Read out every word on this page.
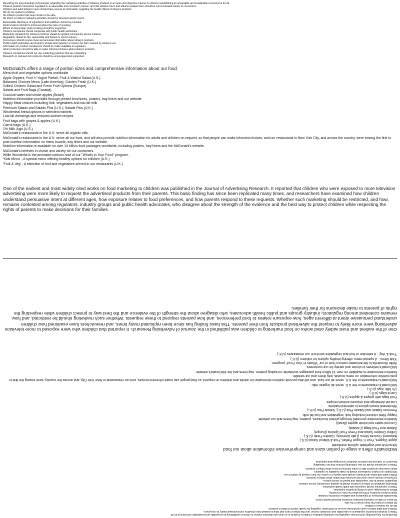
Resolving the long-standing controversies regarding the marketing activities of tobacco products in an open and objective manner is critical to establishing an acceptable and sustainable environment for all

Tobacco products should be regulated in a reasonable and consistent manner, and that tobacco harm and tobacco-related risks should be communicated clearly to consumers.

Children and adult tobacco users should have access to information regarding the health effects of tobacco products.

We do not market to children.

No tobacco product has been shown to be safe.

No direct or indirect marketing activities should be directed toward minors.

Reasonable disclosure of ingredients and additives should be provided.

Adult smokers should be informed about the risks of smoking.

Efforts to discourage youth smoking should be supported.

Tobacco companies should cooperate with public health authorities.

Marketing standards for tobacco products should be applied consistently across markets.

Regulation should be fair, reasonable and based on sound science.

Consumers should receive clear and accurate information about tobacco products.

Public health authorities and industry should work together to reduce the harm caused by tobacco use.

Information on product constituents should be made available to regulators.

Adult consumers should be able to make informed choices about tobacco products.

Tobacco companies should not use marketing practices that are misleading.

Research on reduced-risk products should be encouraged and supported.

McDonald's offers a range of portion sizes and comprehensive information about our food

Menu fruit and vegetable options worldwide

Apple Dippers, Fruit 'n Yogurt Parfait, Fruit & Walnut Salad (U.S.)

Balanced Choices Menu (Latin America), Garden Fresh (U.K.)

Grilled Chicken Salad and Fresh Fruit Options (Europe)

Salads and Fruit Bags (Canada)

Coconut water and whole apples (Brazil)

Nutrition information provided through printed brochures, posters, tray liners and our website

Happy Meal choices including fruit, vegetables and low-fat milk

Premium Salads and Salads Plus (U.S.); Salads Plus (U.K.)

Wholemeal bread options in selected markets

Low-fat dressings and reduced-sodium recipes

Fruit bags with grapes & apples (U.K.)

Carrot bags (U.K.)

1% Milk Jugs (U.S.)

McDonald's restaurants in the U.K. serve all organic milk.

McDonald's restaurants in the U.K. serve all our food, and will also provide nutrition information for adults and children on request, so that people can make informed choices, and our restaurants in New York City, and across the country, were among the first to post nutrition information on menu boards, tray liners and our website.

Nutrition information is available on over 14 billion food packages worldwide, including posters, tray liners and the McDonald's website.

McDonald's believes in choice and variety for our customers.

Willie Wonderful is the animated cartoon host of our "What's in Your Food" program.

'Kids Menu' - A special menu offering healthy options for children (U.K.)

'Fruit & Veg' - A selection of fruit and vegetables served in our restaurants (U.K.)

One of the earliest and most widely cited works on food marketing to children was published in the Journal of Advertising Research. It reported that children who were exposed to more television advertising were more likely to request the advertised products from their parents. This basic finding has since been replicated many times, and researchers have examined how children understand persuasive intent at different ages, how exposure relates to food preferences, and how parents respond to these requests. Whether such marketing should be restricted, and how, remains contested among regulators, industry groups and public health advocates, who disagree about the strength of the evidence and the best way to protect children while respecting the rights of parents to make decisions for their families.

One of the earliest and most widely cited works on food marketing to children was published in the Journal of Advertising Research. It reported that children who were exposed to more television advertising were more likely to request the advertised products from their parents. This basic finding has since been replicated many times, and researchers have examined how children understand persuasive intent at different ages, how exposure relates to food preferences, and how parents respond to these requests. Whether such marketing should be restricted, and how, remains contested among regulators, industry groups and public health advocates, who disagree about the strength of the evidence and the best way to protect children while respecting the rights of parents to make decisions for their families.

McDonald's offers a range of portion sizes and comprehensive information about our food

Menu fruit and vegetable options worldwide

Apple Dippers, Fruit 'n Yogurt Parfait, Fruit & Walnut Salad (U.S.)

Balanced Choices Menu (Latin America), Garden Fresh (U.K.)

Grilled Chicken Salad and Fresh Fruit Options (Europe)

Salads and Fruit Bags (Canada)

Coconut water and whole apples (Brazil)

Nutrition information provided through printed brochures, posters, tray liners and our website

Happy Meal choices including fruit, vegetables and low-fat milk

Premium Salads and Salads Plus (U.S.); Salads Plus (U.K.)

Wholemeal bread options in selected markets

Low-fat dressings and reduced-sodium recipes

Fruit bags with grapes & apples (U.K.)

Carrot bags (U.K.)

1% Milk Jugs (U.S.)

McDonald's restaurants in the U.K. serve all organic milk.

McDonald's restaurants in the U.K. serve all our food, and will also provide nutrition information for adults and children on request, so that people can make informed choices, and our restaurants in New York City, and across the country, were among the first to post nutrition information on menu boards, tray liners and our website.

Nutrition information is available on over 14 billion food packages worldwide, including posters, tray liners and the McDonald's website.

McDonald's believes in choice and variety for our customers.

Willie Wonderful is the animated cartoon host of our "What's in Your Food" program.

'Kids Menu' - A special menu offering healthy options for children (U.K.)

'Fruit & Veg' - A selection of fruit and vegetables served in our restaurants (U.K.)

Resolving the long-standing controversies regarding the marketing activities of tobacco products in an open and objective manner is critical to establishing an acceptable and sustainable environment for all

Tobacco products should be regulated in a reasonable and consistent manner, and that tobacco harm and tobacco-related risks should be communicated clearly to consumers.

Children and adult tobacco users should have access to information regarding the health effects of tobacco products.

We do not market to children.

No tobacco product has been shown to be safe.

No direct or indirect marketing activities should be directed toward minors.

Reasonable disclosure of ingredients and additives should be provided.

Adult smokers should be informed about the risks of smoking.

Efforts to discourage youth smoking should be supported.

Tobacco companies should cooperate with public health authorities.

Marketing standards for tobacco products should be applied consistently across markets.

Regulation should be fair, reasonable and based on sound science.

Consumers should receive clear and accurate information about tobacco products.

Public health authorities and industry should work together to reduce the harm caused by tobacco use.

Information on product constituents should be made available to regulators.

Adult consumers should be able to make informed choices about tobacco products.

Tobacco companies should not use marketing practices that are misleading.

Research on reduced-risk products should be encouraged and supported.
